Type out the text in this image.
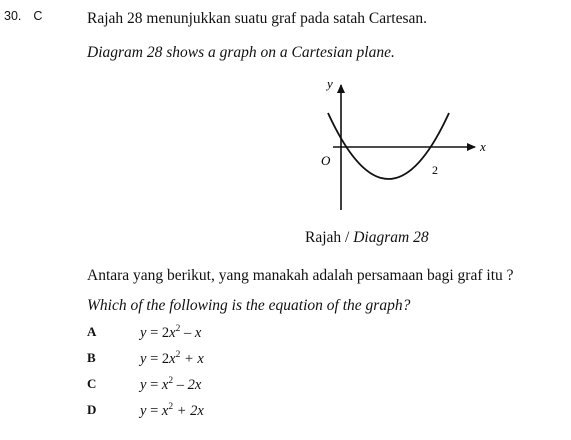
30. C	Rajah 28 menunjukkan suatu graf pada satah Cartesan.
Diagram 28 shows a graph on a Cartesian plane.
y
x
O
2
Rajah / Diagram 28
Antara yang berikut, yang manakah adalah persamaan bagi graf itu ?
Which of the following is the equation of the graph?
A	$y = 2x^2 - x$
B	$y = 2x^2 + x$
C	$y = x^2 - 2x$
D	$y = x^2 + 2x$
